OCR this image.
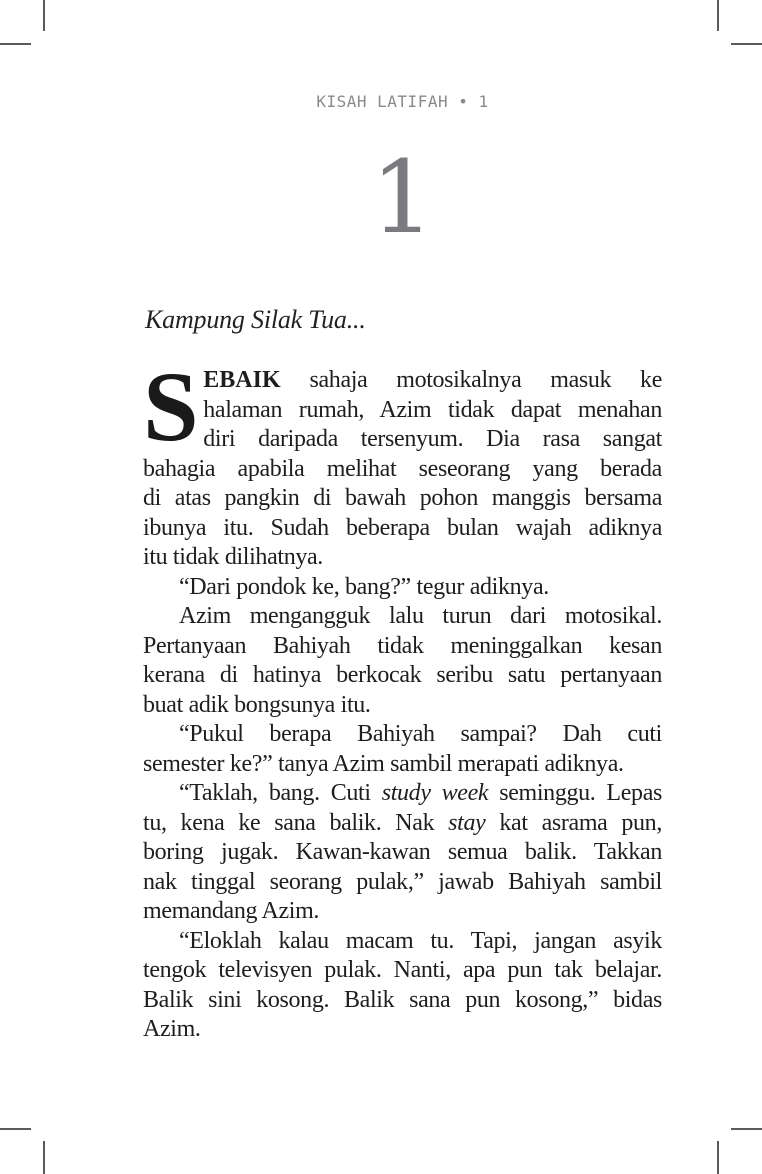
KISAH LATIFAH • 1
1
Kampung Silak Tua...
S EBAIK sahaja motosikalnya masuk ke
halaman rumah, Azim tidak dapat menahan
diri daripada tersenyum. Dia rasa sangat
bahagia apabila melihat seseorang yang berada
di atas pangkin di bawah pohon manggis bersama
ibunya itu. Sudah beberapa bulan wajah adiknya
itu tidak dilihatnya.
“Dari pondok ke, bang?” tegur adiknya.
Azim mengangguk lalu turun dari motosikal.
Pertanyaan Bahiyah tidak meninggalkan kesan
kerana di hatinya berkocak seribu satu pertanyaan
buat adik bongsunya itu.
“Pukul berapa Bahiyah sampai? Dah cuti
semester ke?” tanya Azim sambil merapati adiknya.
“Taklah, bang. Cuti study week seminggu. Lepas
tu, kena ke sana balik. Nak stay kat asrama pun,
boring jugak. Kawan-kawan semua balik. Takkan
nak tinggal seorang pulak,” jawab Bahiyah sambil
memandang Azim.
“Eloklah kalau macam tu. Tapi, jangan asyik
tengok televisyen pulak. Nanti, apa pun tak belajar.
Balik sini kosong. Balik sana pun kosong,” bidas
Azim.
